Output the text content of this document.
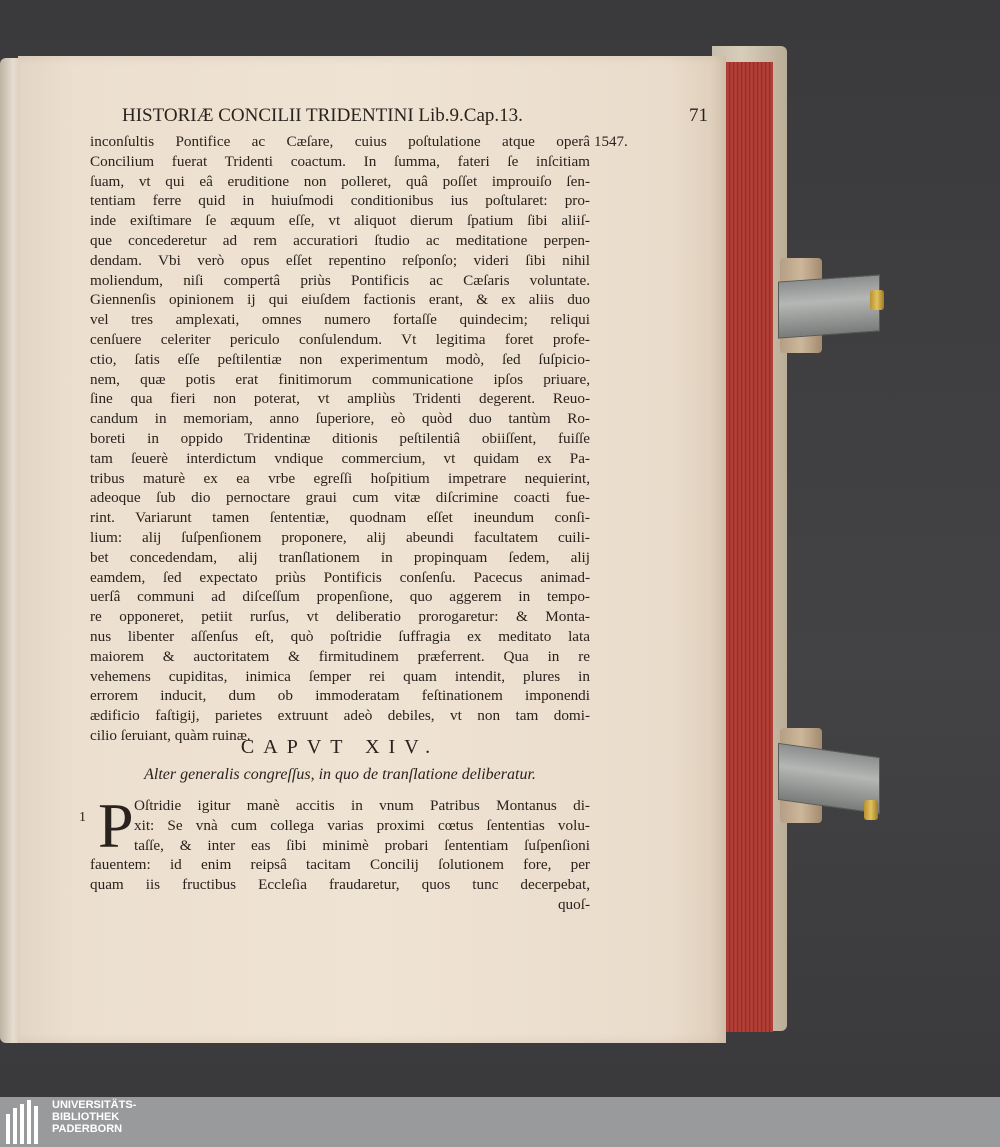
HISTORIÆ CONCILII TRIDENTINI Lib.9.Cap.13.	71
1547.
inconſultis Pontifice ac Cæſare, cuius poſtulatione atque operâ
Concilium fuerat Tridenti coactum. In ſumma, fateri ſe inſcitiam
ſuam, vt qui eâ eruditione non polleret, quâ poſſet improuiſo ſen-
tentiam ferre quid in huiuſmodi conditionibus ius poſtularet: pro-
inde exiſtimare ſe æquum eſſe, vt aliquot dierum ſpatium ſibi aliiſ-
que concederetur ad rem accuratiori ſtudio ac meditatione perpen-
dendam. Vbi verò opus eſſet repentino reſponſo; videri ſibi nihil
moliendum, niſi compertâ priùs Pontificis ac Cæſaris voluntate.
Giennenſis opinionem ij qui eiuſdem factionis erant, & ex aliis duo
vel tres amplexati, omnes numero fortaſſe quindecim; reliqui
cenſuere celeriter periculo conſulendum. Vt legitima foret profe-
ctio, ſatis eſſe peſtilentiæ non experimentum modò, ſed ſuſpicio-
nem, quæ potis erat finitimorum communicatione ipſos priuare,
ſine qua fieri non poterat, vt ampliùs Tridenti degerent. Reuo-
candum in memoriam, anno ſuperiore, eò quòd duo tantùm Ro-
boreti in oppido Tridentinæ ditionis peſtilentiâ obiiſſent, fuiſſe
tam ſeuerè interdictum vndique commercium, vt quidam ex Pa-
tribus maturè ex ea vrbe egreſſi hoſpitium impetrare nequierint,
adeoque ſub dio pernoctare graui cum vitæ diſcrimine coacti fue-
rint. Variarunt tamen ſententiæ, quodnam eſſet ineundum conſi-
lium: alij ſuſpenſionem proponere, alij abeundi facultatem cuili-
bet concedendam, alij tranſlationem in propinquam ſedem, alij
eamdem, ſed expectato priùs Pontificis conſenſu. Pacecus animad-
uerſâ communi ad diſceſſum propenſione, quo aggerem in tempo-
re opponeret, petiit rurſus, vt deliberatio prorogaretur: & Monta-
nus libenter aſſenſus eſt, quò poſtridie ſuffragia ex meditato lata
maiorem & auctoritatem & firmitudinem præferrent. Qua in re
vehemens cupiditas, inimica ſemper rei quam intendit, plures in
errorem inducit, dum ob immoderatam feſtinationem imponendi
ædificio faſtigij, parietes extruunt adeò debiles, vt non tam domi-
cilio ſeruiant, quàm ruinæ.
CAPVT XIV.
Alter generalis congreſſus, in quo de tranſlatione deliberatur.
1 P Oſtridie igitur manè accitis in vnum Patribus Montanus di-
xit: Se vnà cum collega varias proximi cœtus ſententias volu-
taſſe, & inter eas ſibi minimè probari ſententiam ſuſpenſioni
fauentem: id enim reipsâ tacitam Concilij ſolutionem fore, per
quam iis fructibus Eccleſia fraudaretur, quos tunc decerpebat,
quoſ-
UNIVERSITÄTS-
BIBLIOTHEK
PADERBORN
